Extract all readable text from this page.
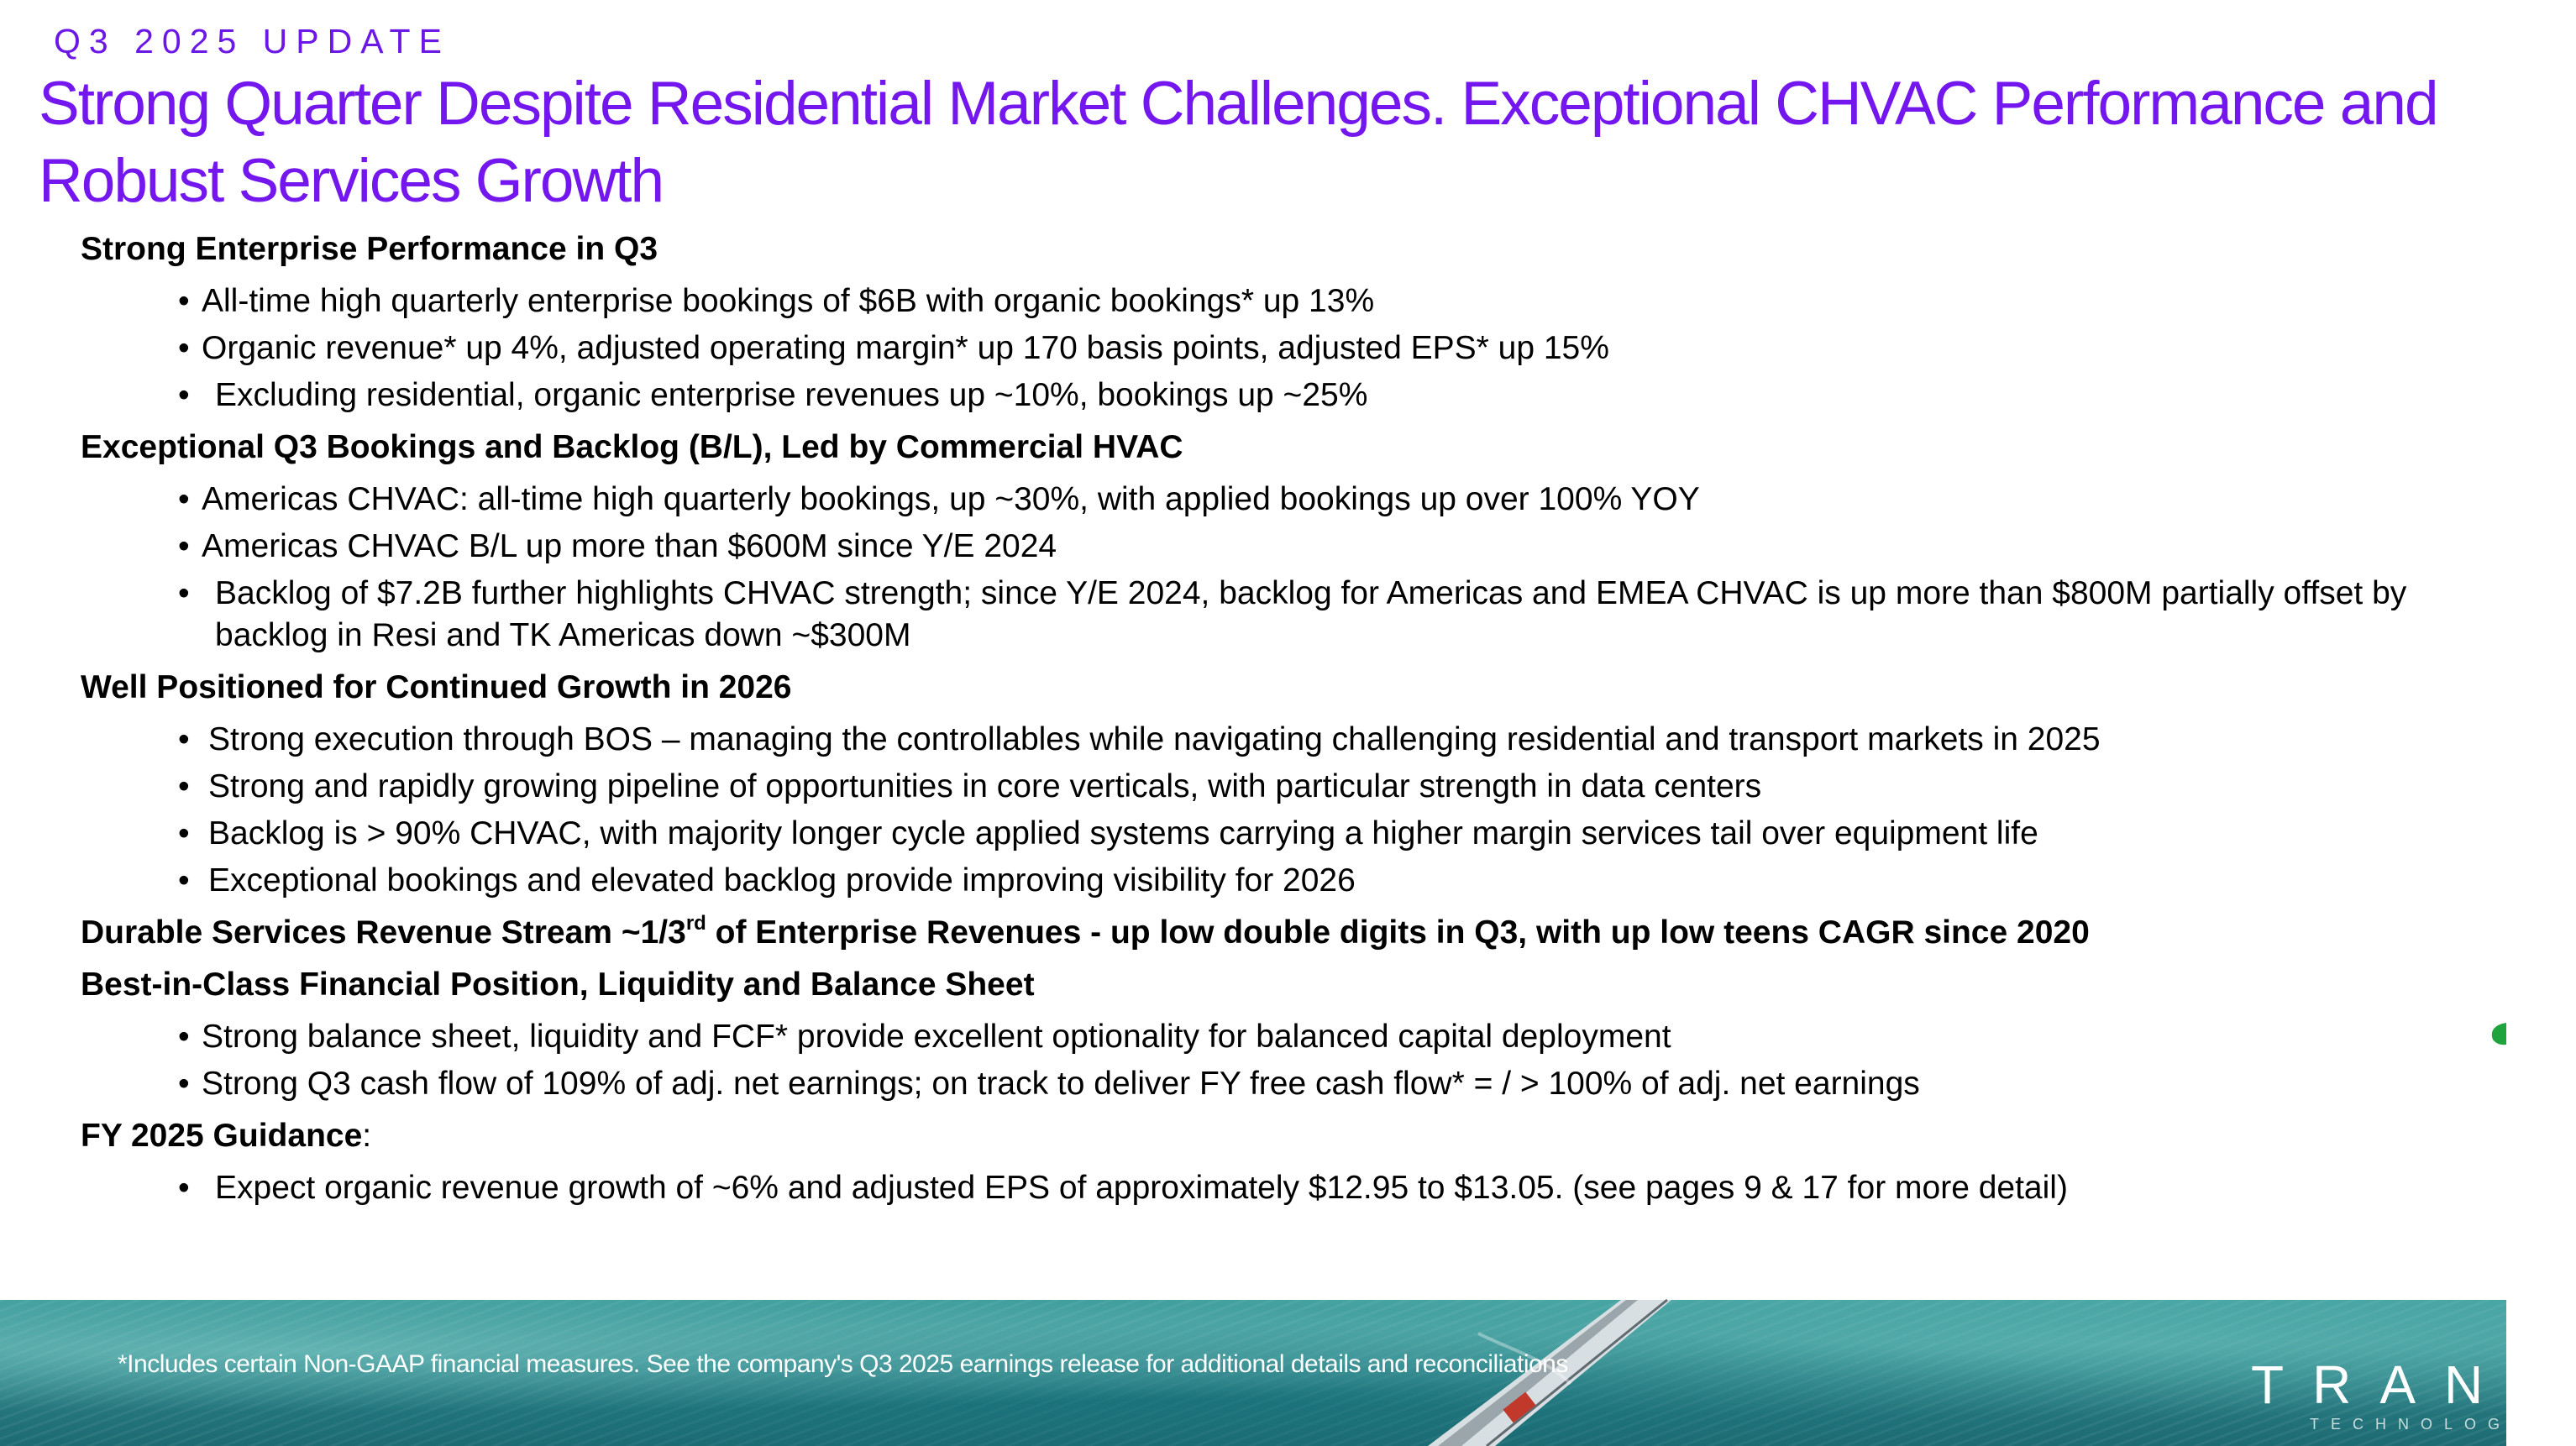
Q3 2025 UPDATE
Strong Quarter Despite Residential Market Challenges. Exceptional CHVAC Performance and
Robust Services Growth
Strong Enterprise Performance in Q3
• All-time high quarterly enterprise bookings of $6B with organic bookings* up 13%
• Organic revenue* up 4%, adjusted operating margin* up 170 basis points, adjusted EPS* up 15%
• Excluding residential, organic enterprise revenues up ~10%, bookings up ~25%
Exceptional Q3 Bookings and Backlog (B/L), Led by Commercial HVAC
• Americas CHVAC: all-time high quarterly bookings, up ~30%, with applied bookings up over 100% YOY
• Americas CHVAC B/L up more than $600M since Y/E 2024
• Backlog of $7.2B further highlights CHVAC strength; since Y/E 2024, backlog for Americas and EMEA CHVAC is up more than $800M partially offset by backlog in Resi and TK Americas down ~$300M
Well Positioned for Continued Growth in 2026
• Strong execution through BOS – managing the controllables while navigating challenging residential and transport markets in 2025
• Strong and rapidly growing pipeline of opportunities in core verticals, with particular strength in data centers
• Backlog is > 90% CHVAC, with majority longer cycle applied systems carrying a higher margin services tail over equipment life
• Exceptional bookings and elevated backlog provide improving visibility for 2026
Durable Services Revenue Stream ~1/3rd of Enterprise Revenues - up low double digits in Q3, with up low teens CAGR since 2020
Best-in-Class Financial Position, Liquidity and Balance Sheet
• Strong balance sheet, liquidity and FCF* provide excellent optionality for balanced capital deployment
• Strong Q3 cash flow of 109% of adj. net earnings; on track to deliver FY free cash flow* = / > 100% of adj. net earnings
FY 2025 Guidance:
• Expect organic revenue growth of ~6% and adjusted EPS of approximately $12.95 to $13.05. (see pages 9 & 17 for more detail)
*Includes certain Non-GAAP financial measures. See the company's Q3 2025 earnings release for additional details and reconciliations	TRANE
TECHNOLOGIES
